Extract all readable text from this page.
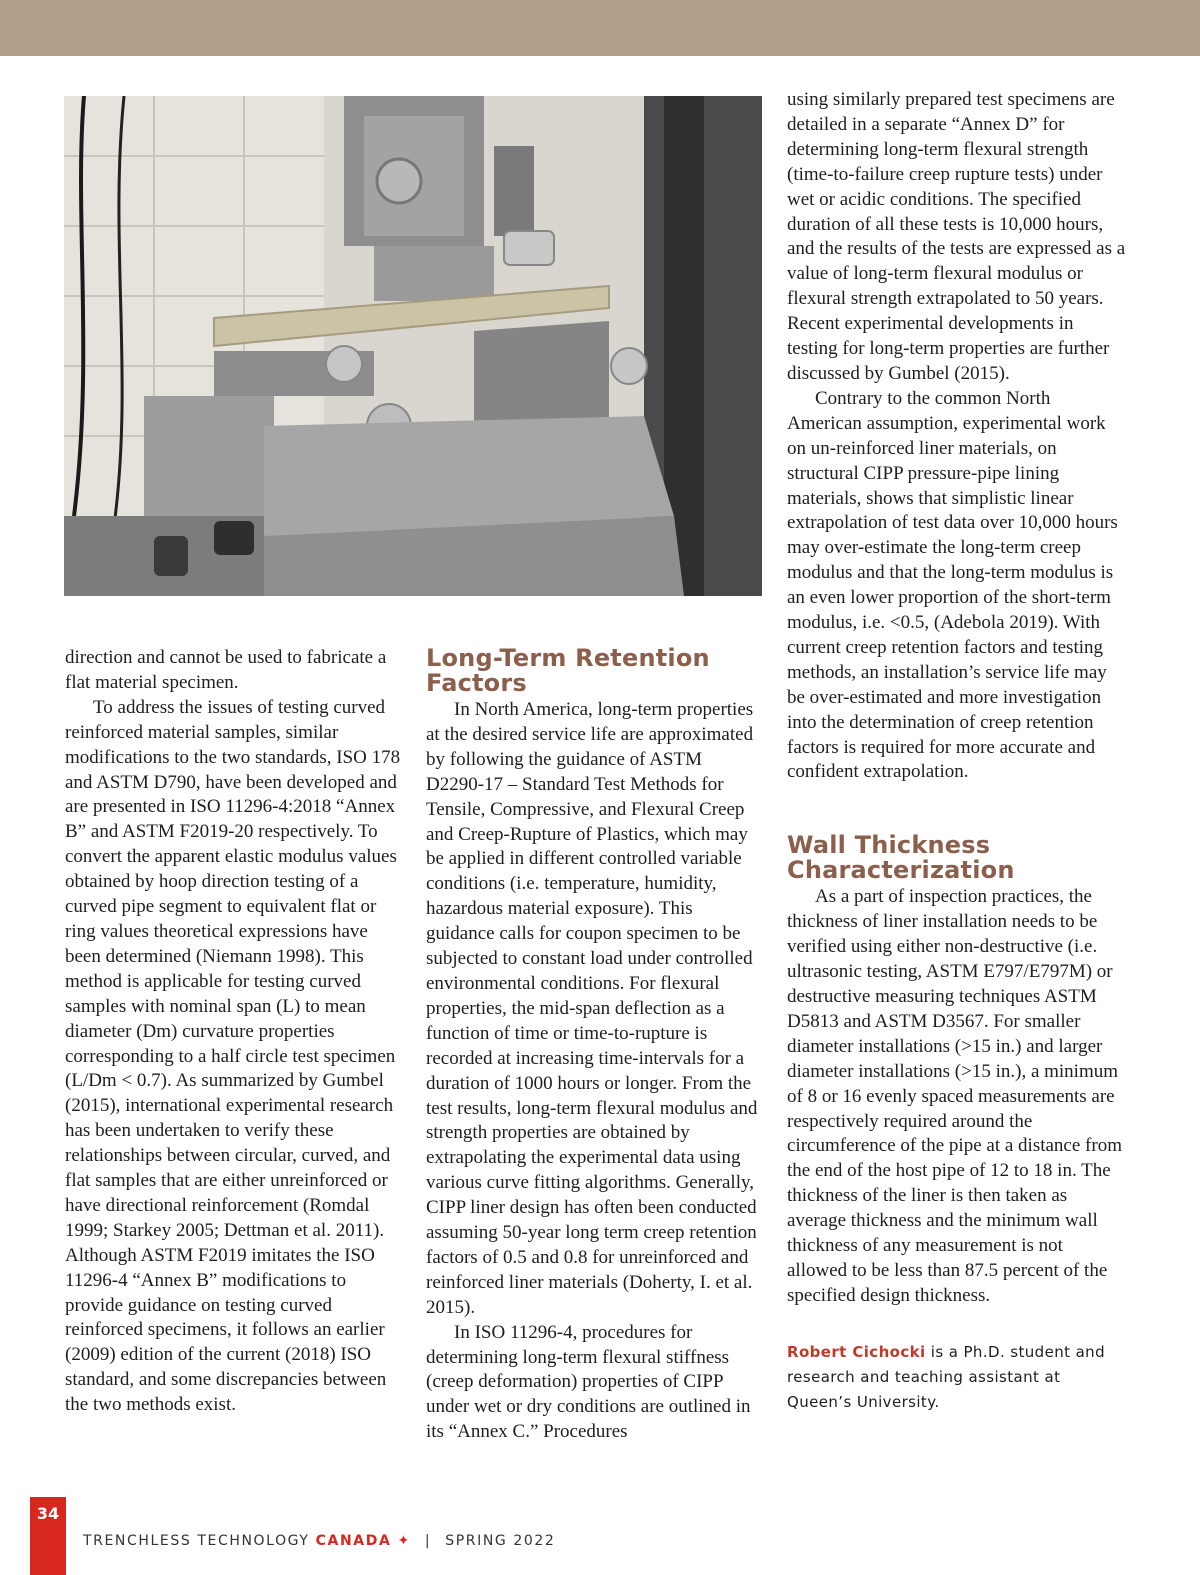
direction and cannot be used to fabricate a flat material specimen.

To address the issues of testing curved reinforced material samples, similar modifications to the two standards, ISO 178 and ASTM D790, have been developed and are presented in ISO 11296-4:2018 “Annex B” and ASTM F2019-20 respectively. To convert the apparent elastic modulus values obtained by hoop direction testing of a curved pipe segment to equivalent flat or ring values theoretical expressions have been determined (Niemann 1998). This method is applicable for testing curved samples with nominal span (L) to mean diameter (Dm) curvature properties corresponding to a half circle test specimen (L/Dm < 0.7). As summarized by Gumbel (2015), international experimental research has been undertaken to verify these relationships between circular, curved, and flat samples that are either unreinforced or have directional reinforcement (Romdal 1999; Starkey 2005; Dettman et al. 2011). Although ASTM F2019 imitates the ISO 11296-4 “Annex B” modifications to provide guidance on testing curved reinforced specimens, it follows an earlier (2009) edition of the current (2018) ISO standard, and some discrepancies between the two methods exist.

Long-Term Retention Factors

In North America, long-term properties at the desired service life are approximated by following the guidance of ASTM D2290-17 – Standard Test Methods for Tensile, Compressive, and Flexural Creep and Creep-Rupture of Plastics, which may be applied in different controlled variable conditions (i.e. temperature, humidity, hazardous material exposure). This guidance calls for coupon specimen to be subjected to constant load under controlled environmental conditions. For flexural properties, the mid-span deflection as a function of time or time-to-rupture is recorded at increasing time-intervals for a duration of 1000 hours or longer. From the test results, long-term flexural modulus and strength properties are obtained by extrapolating the experimental data using various curve fitting algorithms. Generally, CIPP liner design has often been conducted assuming 50-year long term creep retention factors of 0.5 and 0.8 for unreinforced and reinforced liner materials (Doherty, I. et al. 2015).

In ISO 11296-4, procedures for determining long-term flexural stiffness (creep deformation) properties of CIPP under wet or dry conditions are outlined in its “Annex C.” Procedures

using similarly prepared test specimens are detailed in a separate “Annex D” for determining long-term flexural strength (time-to-failure creep rupture tests) under wet or acidic conditions. The specified duration of all these tests is 10,000 hours, and the results of the tests are expressed as a value of long-term flexural modulus or flexural strength extrapolated to 50 years. Recent experimental developments in testing for long-term properties are further discussed by Gumbel (2015).

Contrary to the common North American assumption, experimental work on un-reinforced liner materials, on structural CIPP pressure-pipe lining materials, shows that simplistic linear extrapolation of test data over 10,000 hours may over-estimate the long-term creep modulus and that the long-term modulus is an even lower proportion of the short-term modulus, i.e. <0.5, (Adebola 2019). With current creep retention factors and testing methods, an installation’s service life may be over-estimated and more investigation into the determination of creep retention factors is required for more accurate and confident extrapolation.

Wall Thickness Characterization

As a part of inspection practices, the thickness of liner installation needs to be verified using either non-destructive (i.e. ultrasonic testing, ASTM E797/E797M) or destructive measuring techniques ASTM D5813 and ASTM D3567. For smaller diameter installations (>15 in.) and larger diameter installations (>15 in.), a minimum of 8 or 16 evenly spaced measurements are respectively required around the circumference of the pipe at a distance from the end of the host pipe of 12 to 18 in. The thickness of the liner is then taken as average thickness and the minimum wall thickness of any measurement is not allowed to be less than 87.5 percent of the specified design thickness.

Robert Cichocki is a Ph.D. student and research and teaching assistant at Queen’s University.
34
TRENCHLESS TECHNOLOGY CANADA ✦ | SPRING 2022
